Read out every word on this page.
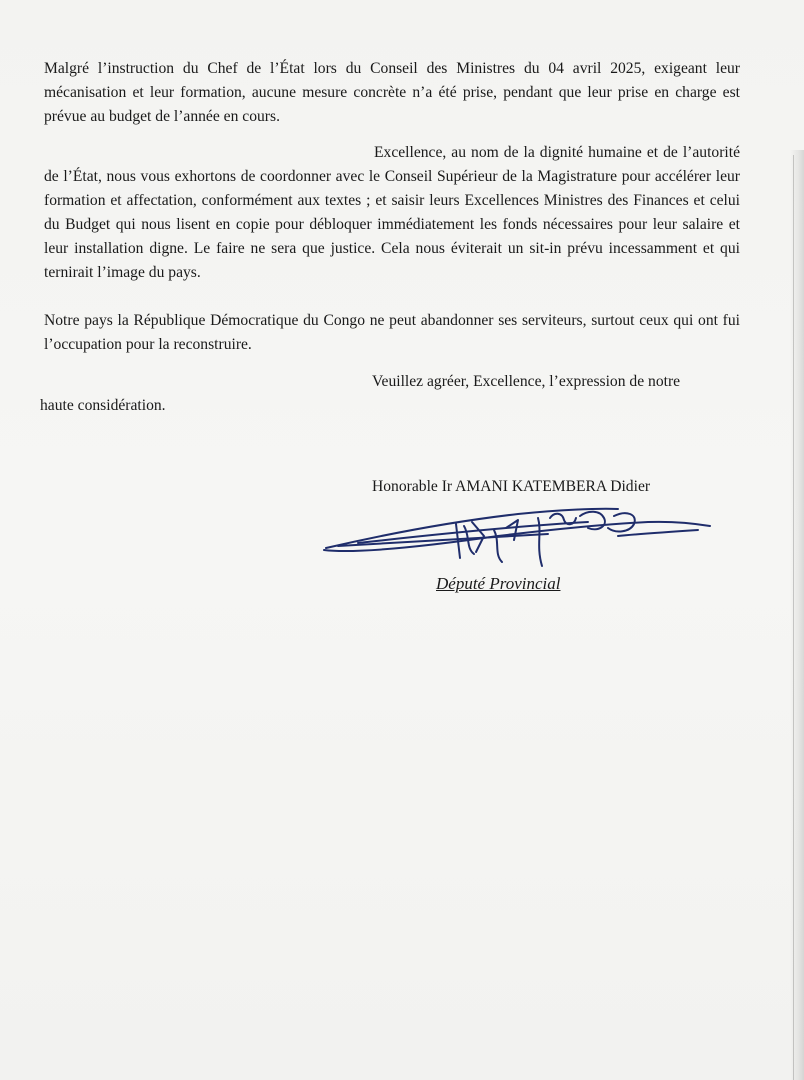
Malgré l’instruction du Chef de l’État lors du Conseil des Ministres du 04 avril 2025, exigeant leur mécanisation et leur formation, aucune mesure concrète n’a été prise, pendant que leur prise en charge est prévue au budget de l’année en cours.
Excellence, au nom de la dignité humaine et de l’autorité de l’État, nous vous exhortons de coordonner avec le Conseil Supérieur de la Magistrature pour accélérer leur formation et affectation, conformément aux textes ; et saisir leurs Excellences Ministres des Finances et celui du Budget qui nous lisent en copie pour débloquer immédiatement les fonds nécessaires pour leur salaire et leur installation digne. Le faire ne sera que justice. Cela nous éviterait un sit-in prévu incessamment et qui ternirait l’image du pays.
Notre pays la République Démocratique du Congo ne peut abandonner ses serviteurs, surtout ceux qui ont fui l’occupation pour la reconstruire.
Veuillez agréer, Excellence, l’expression de notre
haute considération.
Honorable Ir AMANI KATEMBERA Didier
Député Provincial
